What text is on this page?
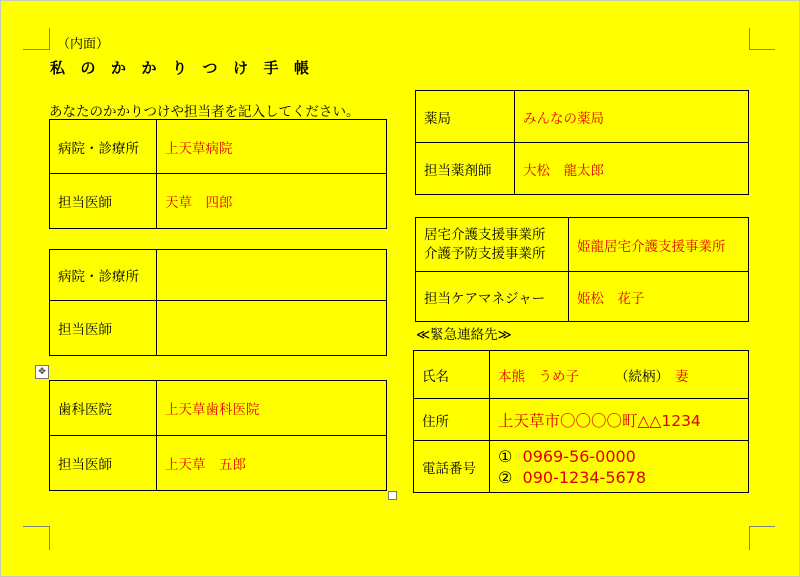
（内面）
私のかかりつけ手帳
あなたのかかりつけや担当者を記入してください。
病院・診療所	上天草病院
担当医師	天草　四郎
病院・診療所	
担当医師	
✥
歯科医院	上天草歯科医院
担当医師	上天草　五郎
薬局	みんなの薬局
担当薬剤師	大松　龍太郎
居宅介護支援事業所
介護予防支援事業所	姫龍居宅介護支援事業所
担当ケアマネジャー	姫松　花子
≪緊急連絡先≫
氏名	本熊　うめ子 （続柄） 妻
住所	上天草市〇〇〇〇町△△1234
電話番号	① 0969-56-0000
② 090-1234-5678
